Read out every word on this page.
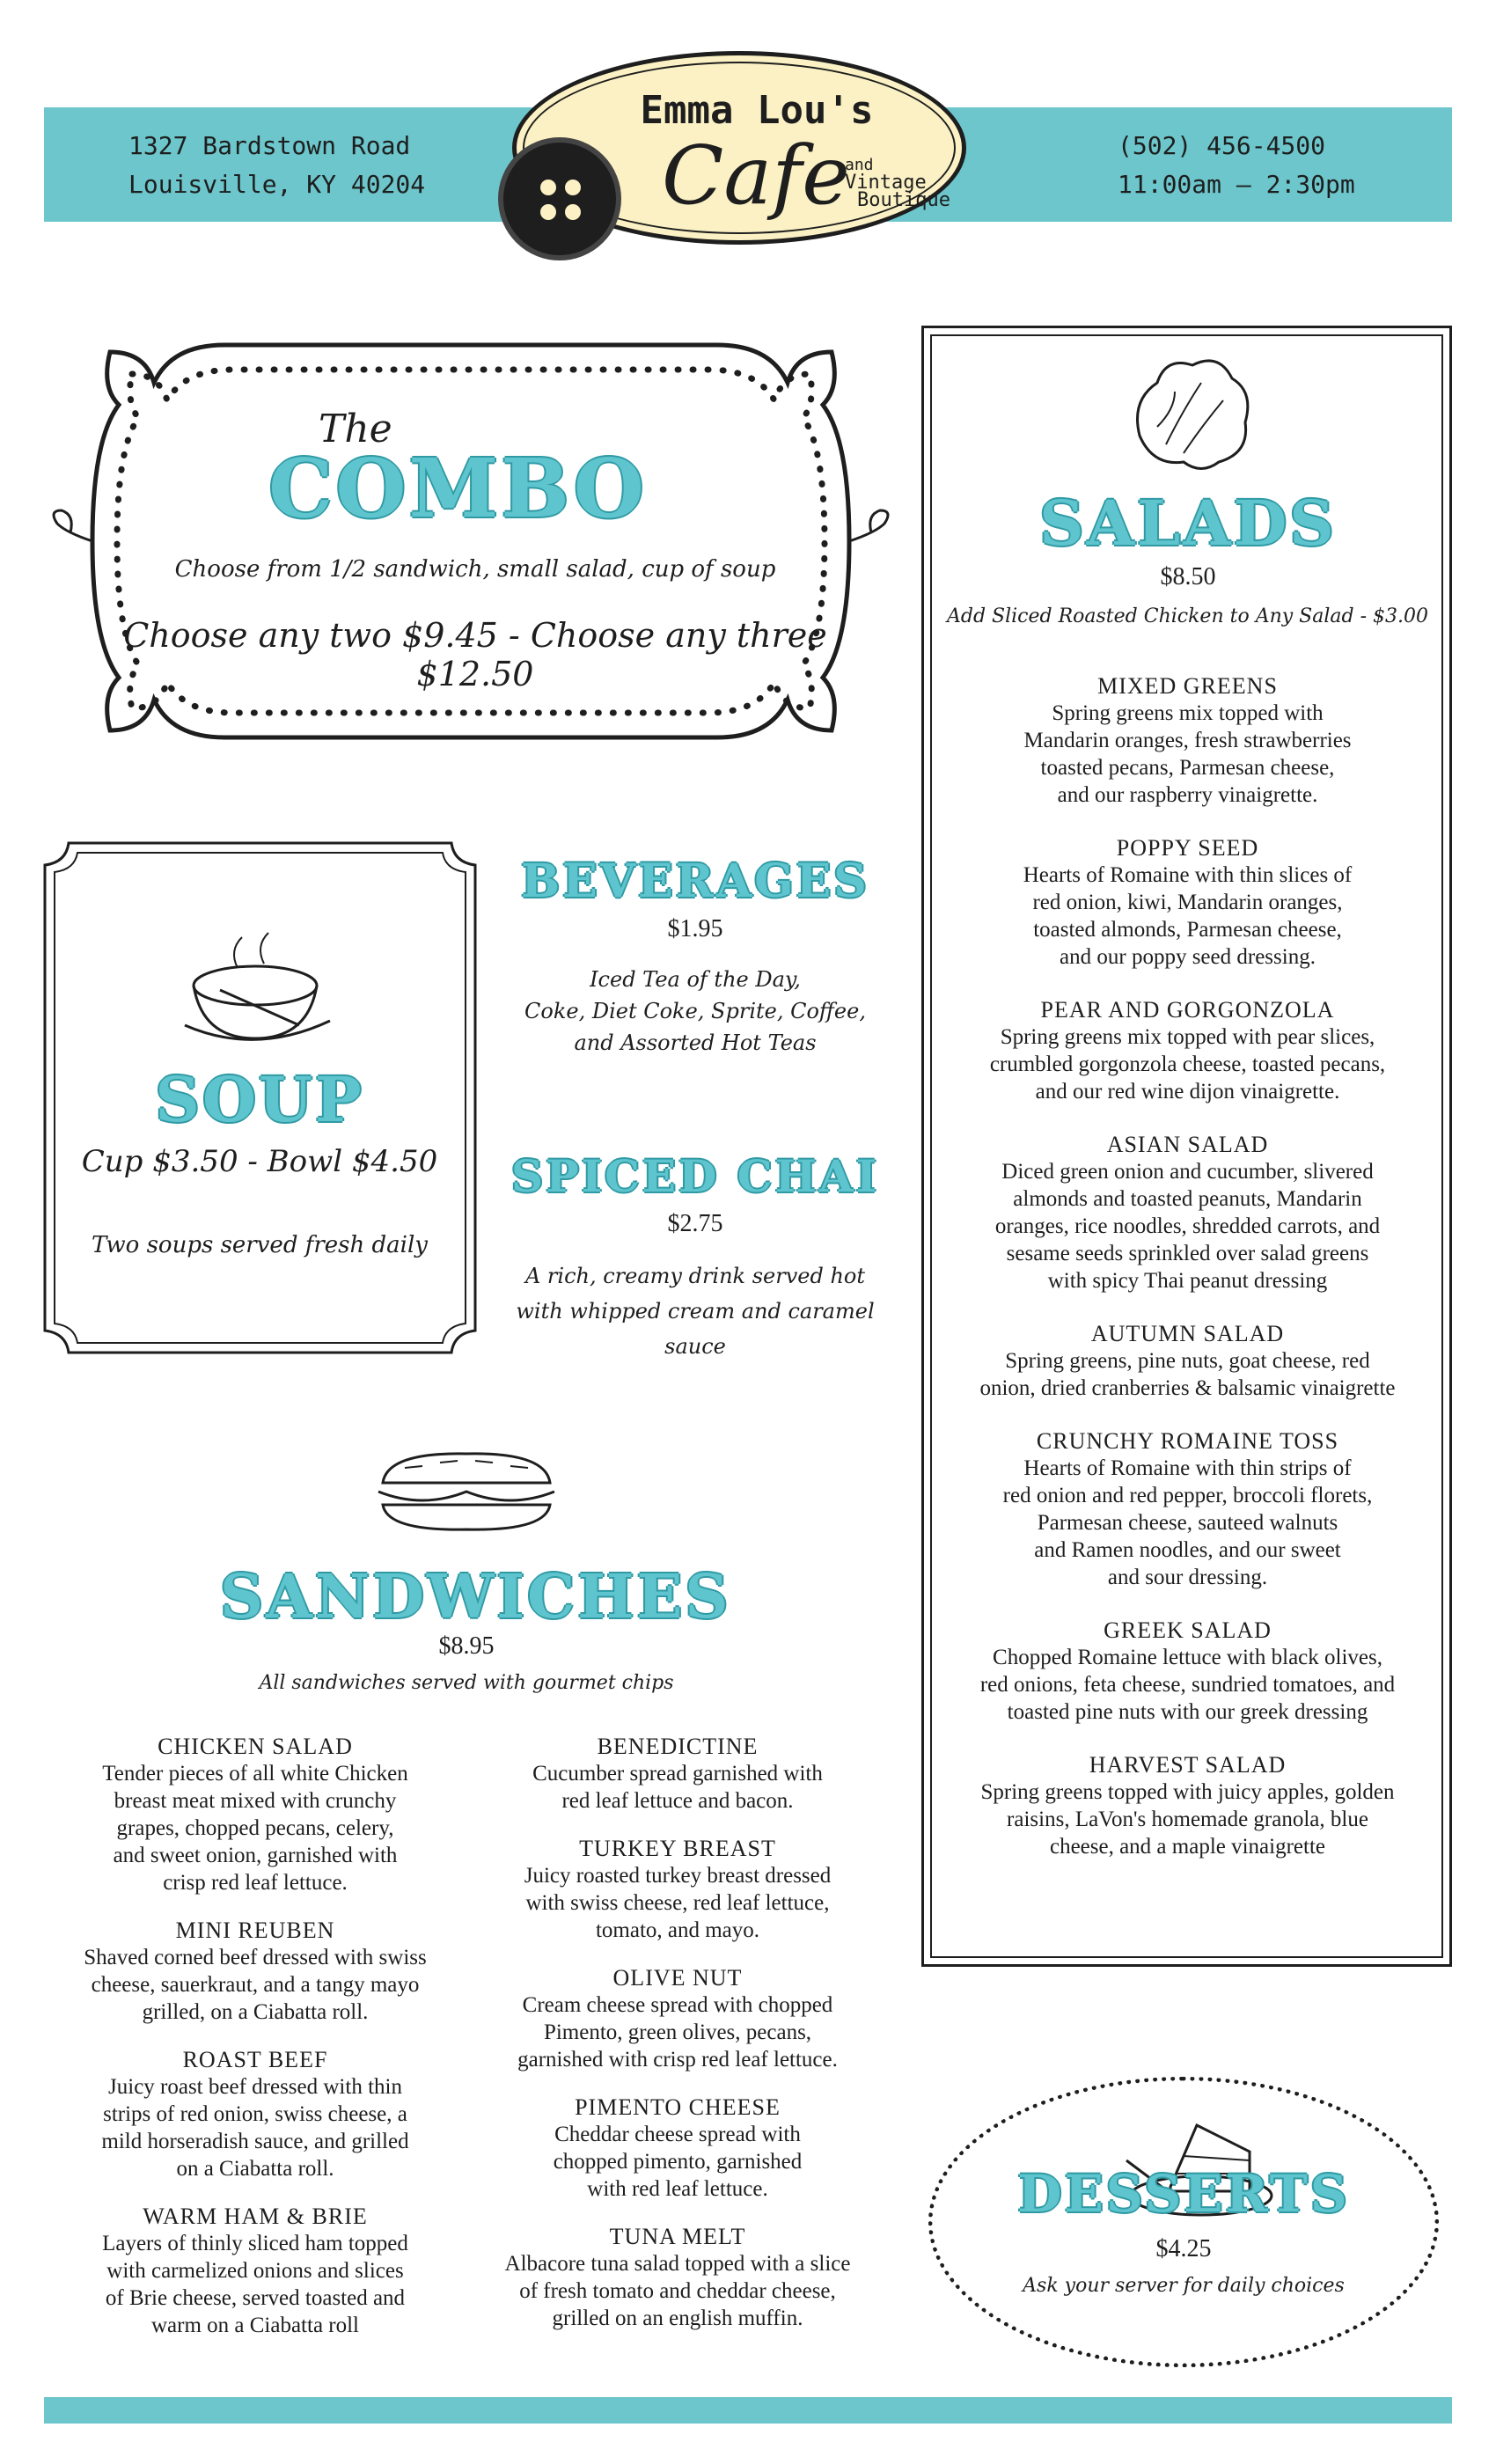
1327 Bardstown Road
Louisville, KY 40204
(502) 456-4500
11:00am – 2:30pm
Emma Lou's
Cafe
and
Vintage
Boutique
The
COMBO
Choose from 1/2 sandwich, small salad, cup of soup
Choose any two $9.45 - Choose any three $12.50
SOUP
Cup $3.50 - Bowl $4.50
Two soups served fresh daily
BEVERAGES
$1.95
Iced Tea of the Day,
Coke, Diet Coke, Sprite, Coffee,
and Assorted Hot Teas
SPICED CHAI
$2.75
A rich, creamy drink served hot
with whipped cream and caramel sauce
SANDWICHES
$8.95
All sandwiches served with gourmet chips
CHICKEN SALAD
Tender pieces of all white Chicken
breast meat mixed with crunchy
grapes, chopped pecans, celery,
and sweet onion, garnished with
crisp red leaf lettuce.
MINI REUBEN
Shaved corned beef dressed with swiss
cheese, sauerkraut, and a tangy mayo
grilled, on a Ciabatta roll.
ROAST BEEF
Juicy roast beef dressed with thin
strips of red onion, swiss cheese, a
mild horseradish sauce, and grilled
on a Ciabatta roll.
WARM HAM & BRIE
Layers of thinly sliced ham topped
with carmelized onions and slices
of Brie cheese, served toasted and
warm on a Ciabatta roll
BENEDICTINE
Cucumber spread garnished with
red leaf lettuce and bacon.
TURKEY BREAST
Juicy roasted turkey breast dressed
with swiss cheese, red leaf lettuce,
tomato, and mayo.
OLIVE NUT
Cream cheese spread with chopped
Pimento, green olives, pecans,
garnished with crisp red leaf lettuce.
PIMENTO CHEESE
Cheddar cheese spread with
chopped pimento, garnished
with red leaf lettuce.
TUNA MELT
Albacore tuna salad topped with a slice
of fresh tomato and cheddar cheese,
grilled on an english muffin.
SALADS
$8.50
Add Sliced Roasted Chicken to Any Salad - $3.00
MIXED GREENS
Spring greens mix topped with
Mandarin oranges, fresh strawberries
toasted pecans, Parmesan cheese,
and our raspberry vinaigrette.
POPPY SEED
Hearts of Romaine with thin slices of
red onion, kiwi, Mandarin oranges,
toasted almonds, Parmesan cheese,
and our poppy seed dressing.
PEAR AND GORGONZOLA
Spring greens mix topped with pear slices,
crumbled gorgonzola cheese, toasted pecans,
and our red wine dijon vinaigrette.
ASIAN SALAD
Diced green onion and cucumber, slivered
almonds and toasted peanuts, Mandarin
oranges, rice noodles, shredded carrots, and
sesame seeds sprinkled over salad greens
with spicy Thai peanut dressing
AUTUMN SALAD
Spring greens, pine nuts, goat cheese, red
onion, dried cranberries & balsamic vinaigrette
CRUNCHY ROMAINE TOSS
Hearts of Romaine with thin strips of
red onion and red pepper, broccoli florets,
Parmesan cheese, sauteed walnuts
and Ramen noodles, and our sweet
and sour dressing.
GREEK SALAD
Chopped Romaine lettuce with black olives,
red onions, feta cheese, sundried tomatoes, and
toasted pine nuts with our greek dressing
HARVEST SALAD
Spring greens topped with juicy apples, golden
raisins, LaVon's homemade granola, blue
cheese, and a maple vinaigrette
DESSERTS
$4.25
Ask your server for daily choices
